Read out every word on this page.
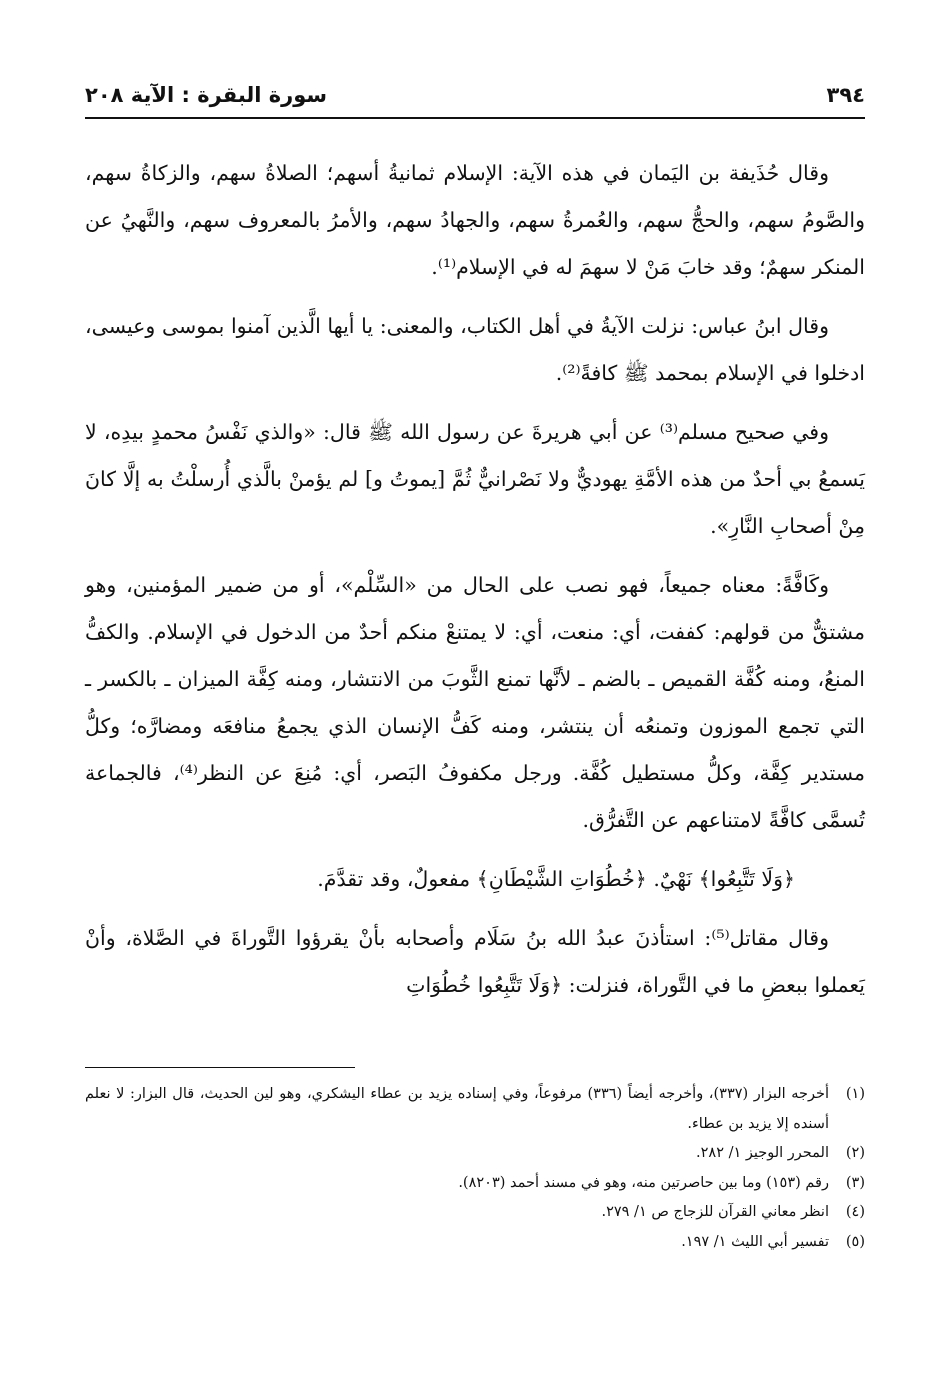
٣٩٤
سورة البقرة : الآية ٢٠٨

وقال حُذَيفة بن اليَمان في هذه الآية: الإسلام ثمانيةُ أسهم؛ الصلاةُ سهم، والزكاةُ سهم، والصَّومُ سهم، والحجُّ سهم، والعُمرةُ سهم، والجهادُ سهم، والأمرُ بالمعروف سهم، والنَّهيُ عن المنكر سهمٌ؛ وقد خابَ مَنْ لا سهمَ له في الإسلام⁽¹⁾.

وقال ابنُ عباس: نزلت الآيةُ في أهل الكتاب، والمعنى: يا أيها الَّذين آمنوا بموسى وعيسى، ادخلوا في الإسلام بمحمد ﷺ كافةً⁽²⁾.

وفي صحيح مسلم⁽³⁾ عن أبي هريرةَ عن رسول الله ﷺ قال: «والذي نَفْسُ محمدٍ بيدِه، لا يَسمعُ بي أحدٌ من هذه الأمَّةِ يهوديٌّ ولا نَصْرانيٌّ ثُمَّ [يموتُ و] لم يؤمنْ بالَّذي أُرسلْتُ به إلَّا كانَ مِنْ أصحابِ النَّارِ».

وكَافَّةً: معناه جميعاً، فهو نصب على الحال من «السِّلْم»، أو من ضمير المؤمنين، وهو مشتقٌّ من قولهم: كففت، أي: منعت، أي: لا يمتنعْ منكم أحدٌ من الدخول في الإسلام. والكفُّ المنعُ، ومنه كُفَّة القميص ـ بالضم ـ لأنَّها تمنع الثَّوبَ من الانتشار، ومنه كِفَّة الميزان ـ بالكسر ـ التي تجمع الموزون وتمنعُه أن ينتشر، ومنه كَفُّ الإنسان الذي يجمعُ منافعَه ومضارَّه؛ وكلُّ مستدير كِفَّة، وكلُّ مستطيل كُفَّة. ورجل مكفوفُ البَصر، أي: مُنِعَ عن النظر⁽⁴⁾، فالجماعة تُسمَّى كافَّةً لامتناعهم عن التَّفرُّق.

﴿وَلَا تَتَّبِعُوا﴾ نَهْيٌ. ﴿خُطُوَاتِ الشَّيْطَانِ﴾ مفعولٌ، وقد تقدَّمَ.

وقال مقاتل⁽⁵⁾: استأذنَ عبدُ الله بنُ سَلَام وأصحابه بأنْ يقرؤوا التَّوراةَ في الصَّلاة، وأنْ يَعملوا ببعضِ ما في التَّوراة، فنزلت: ﴿وَلَا تَتَّبِعُوا خُطُوَاتِ

(١)
أخرجه البزار (٣٣٧)، وأخرجه أيضاً (٣٣٦) مرفوعاً، وفي إسناده يزيد بن عطاء اليشكري، وهو لين الحديث، قال البزار: لا نعلم أسنده إلا يزيد بن عطاء.
(٢)
المحرر الوجيز ١/ ٢٨٢.
(٣)
رقم (١٥٣) وما بين حاصرتين منه، وهو في مسند أحمد (٨٢٠٣).
(٤)
انظر معاني القرآن للزجاج ص ١/ ٢٧٩.
(٥)
تفسير أبي الليث ١/ ١٩٧.
